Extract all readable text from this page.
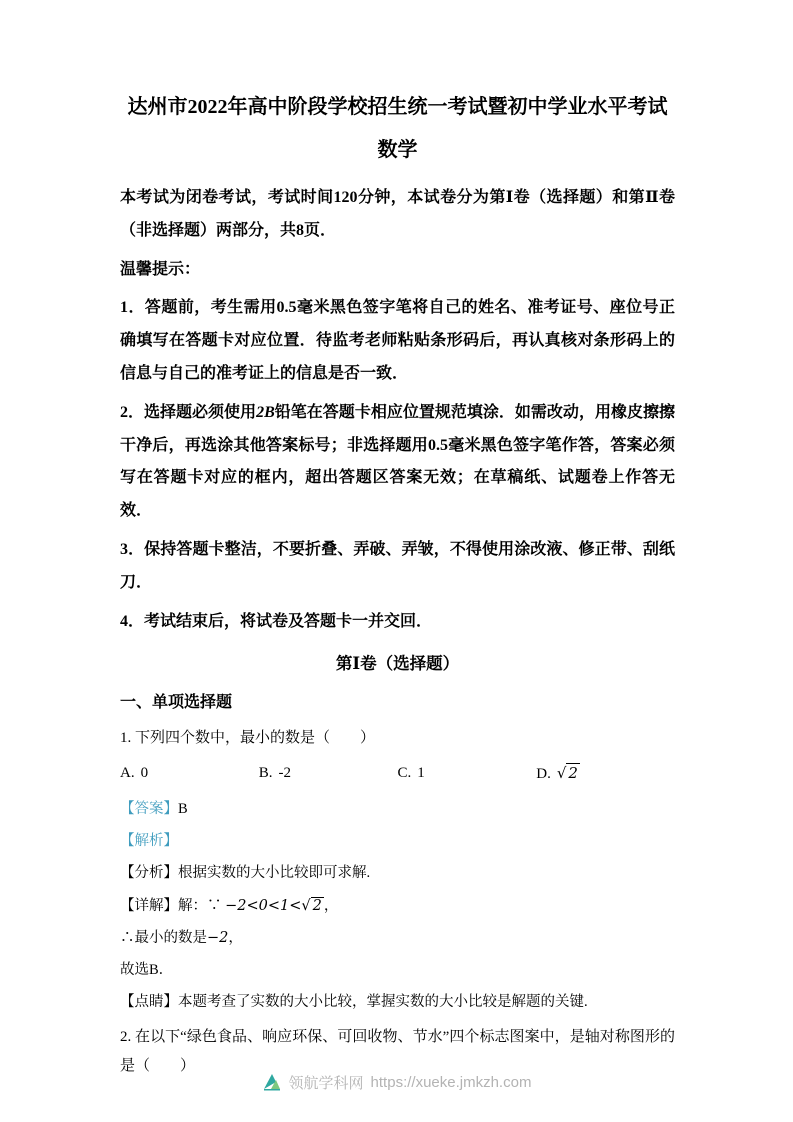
达州市2022年高中阶段学校招生统一考试暨初中学业水平考试数学

本考试为闭卷考试，考试时间120分钟，本试卷分为第Ⅰ卷（选择题）和第Ⅱ卷（非选择题）两部分，共8页．

温馨提示：

1．答题前，考生需用0.5毫米黑色签字笔将自己的姓名、准考证号、座位号正确填写在答题卡对应位置．待监考老师粘贴条形码后，再认真核对条形码上的信息与自己的准考证上的信息是否一致．

2．选择题必须使用2B铅笔在答题卡相应位置规范填涂．如需改动，用橡皮擦擦干净后，再选涂其他答案标号；非选择题用0.5毫米黑色签字笔作答，答案必须写在答题卡对应的框内，超出答题区答案无效；在草稿纸、试题卷上作答无效．

3．保持答题卡整洁，不要折叠、弄破、弄皱，不得使用涂改液、修正带、刮纸刀．

4．考试结束后，将试卷及答题卡一并交回．

第Ⅰ卷（选择题）

一、单项选择题

1. 下列四个数中，最小的数是（　　）

A. 0	B. -2	C. 1	D. √ 2

【答案】B

【解析】

【分析】根据实数的大小比较即可求解.

【详解】解：∵ −2<0<1<√ 2 ，

∴最小的数是−2，

故选B．

【点睛】本题考查了实数的大小比较，掌握实数的大小比较是解题的关键.

2. 在以下“绿色食品、响应环保、可回收物、节水”四个标志图案中，是轴对称图形的是（　　）

领航学科网 https://xueke.jmkzh.com
